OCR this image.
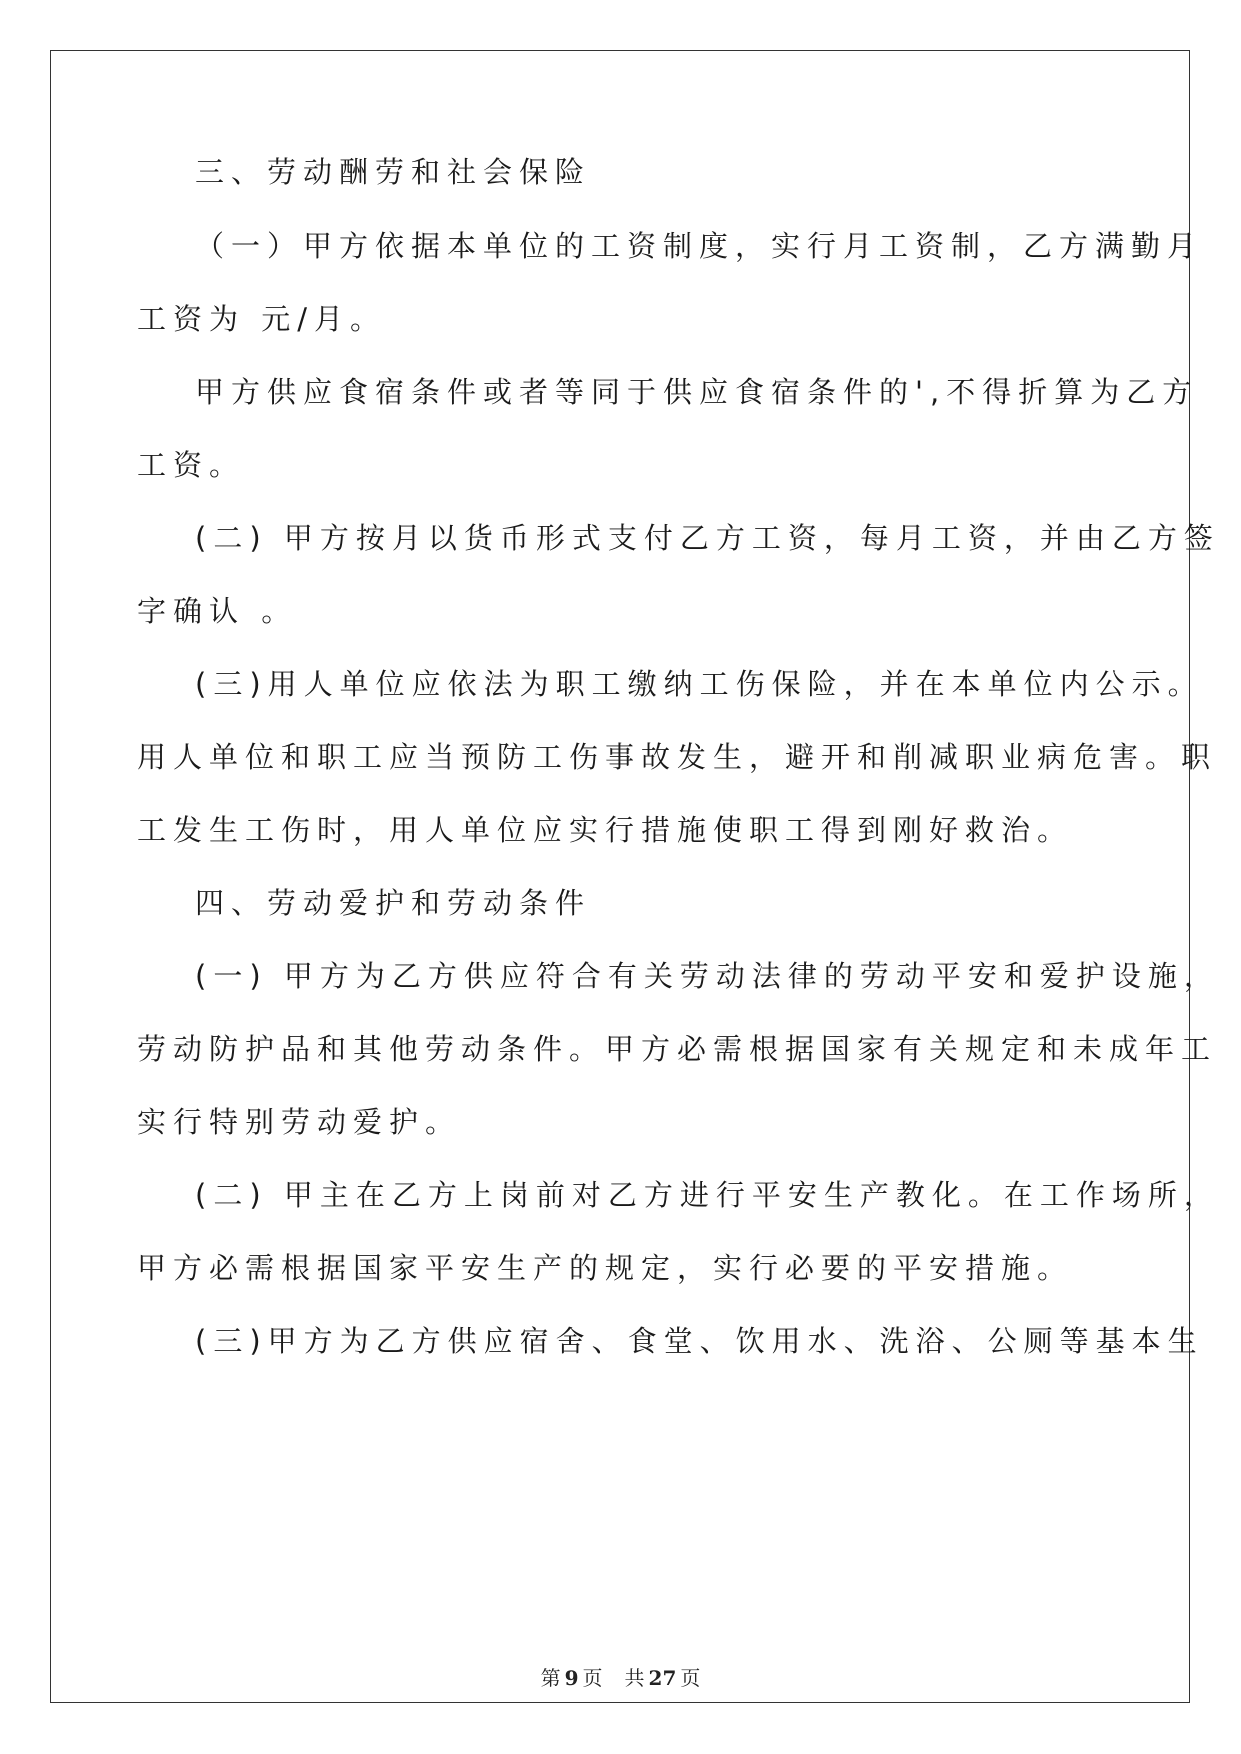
三、劳动酬劳和社会保险
（一）甲方依据本单位的工资制度，实行月工资制，乙方满勤月
工资为 元/月。
甲方供应食宿条件或者等同于供应食宿条件的',不得折算为乙方
工资。
(二) 甲方按月以货币形式支付乙方工资，每月工资，并由乙方签
字确认 。
(三)用人单位应依法为职工缴纳工伤保险，并在本单位内公示。
用人单位和职工应当预防工伤事故发生，避开和削减职业病危害。职
工发生工伤时，用人单位应实行措施使职工得到刚好救治。
四、劳动爱护和劳动条件
(一) 甲方为乙方供应符合有关劳动法律的劳动平安和爱护设施，
劳动防护品和其他劳动条件。甲方必需根据国家有关规定和未成年工
实行特别劳动爱护。
(二) 甲主在乙方上岗前对乙方进行平安生产教化。在工作场所，
甲方必需根据国家平安生产的规定，实行必要的平安措施。
(三)甲方为乙方供应宿舍、食堂、饮用水、洗浴、公厕等基本生
第 9 页 共 27 页
